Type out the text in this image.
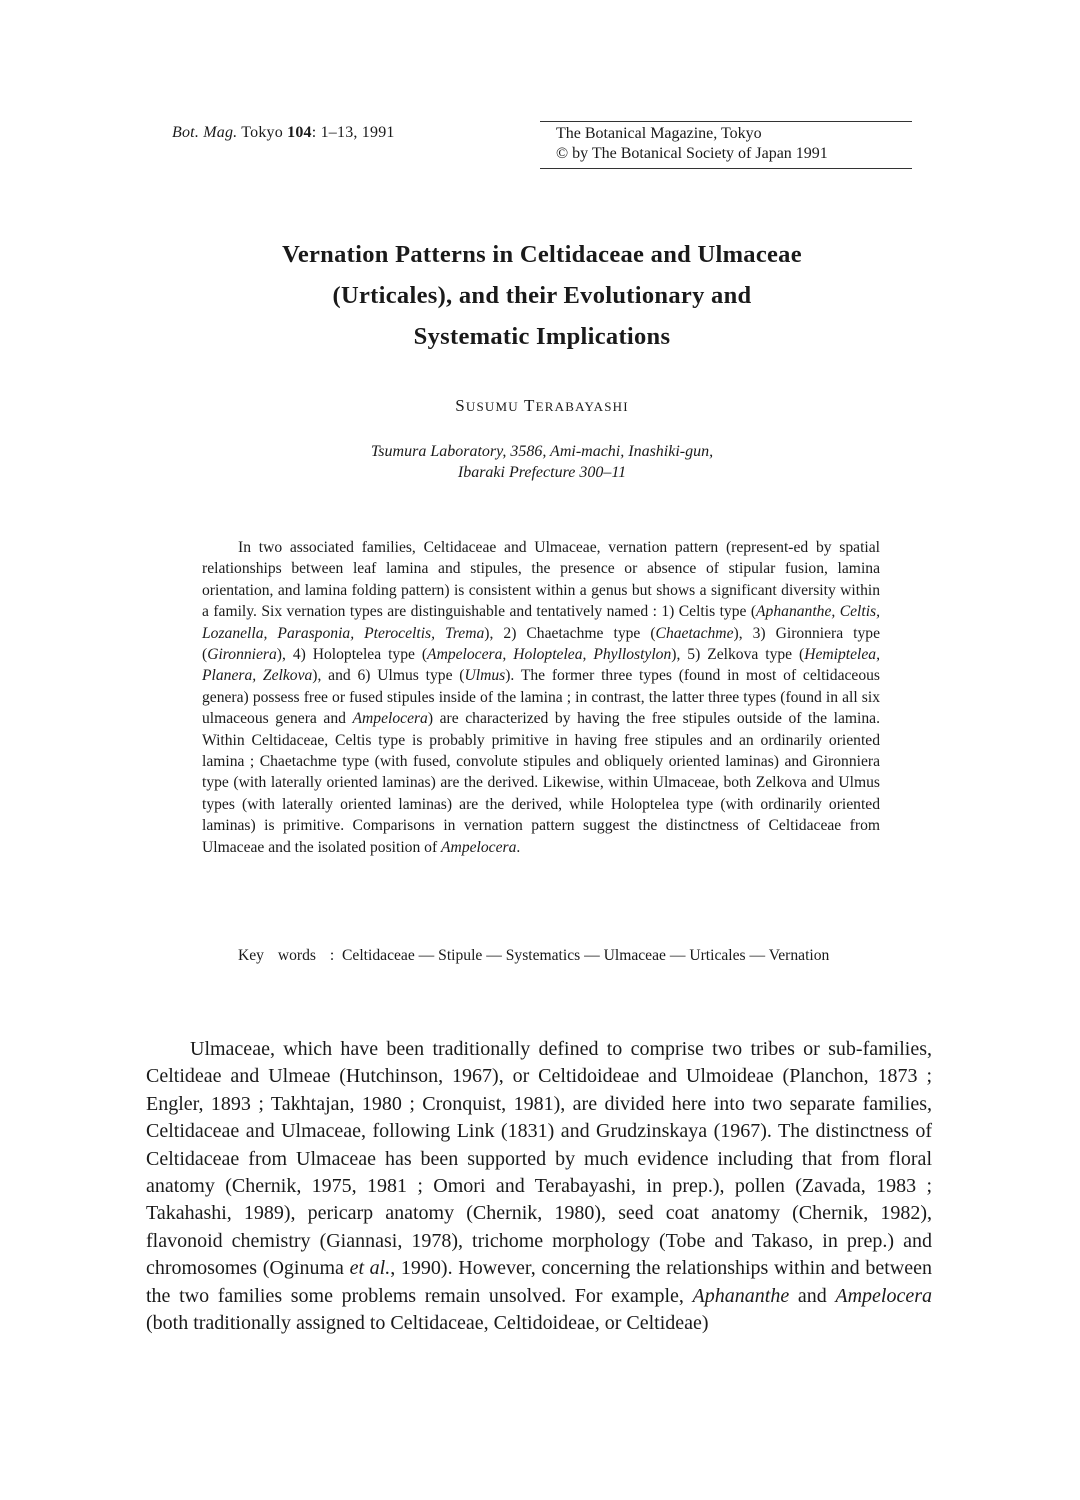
Bot. Mag. Tokyo 104: 1–13, 1991	The Botanical Magazine, Tokyo
© by The Botanical Society of Japan 1991
Vernation Patterns in Celtidaceae and Ulmaceae
(Urticales), and their Evolutionary and
Systematic Implications
SUSUMU TERABAYASHI
Tsumura Laboratory, 3586, Ami-machi, Inashiki-gun,
Ibaraki Prefecture 300–11

In two associated families, Celtidaceae and Ulmaceae, vernation pattern (represent-ed by spatial relationships between leaf lamina and stipules, the presence or absence of stipular fusion, lamina orientation, and lamina folding pattern) is consistent within a genus but shows a significant diversity within a family. Six vernation types are distinguishable and tentatively named : 1) Celtis type (Aphananthe, Celtis, Lozanella, Parasponia, Pteroceltis, Trema), 2) Chaetachme type (Chaetachme), 3) Gironniera type (Gironniera), 4) Holoptelea type (Ampelocera, Holoptelea, Phyllostylon), 5) Zelkova type (Hemiptelea, Planera, Zelkova), and 6) Ulmus type (Ulmus). The former three types (found in most of celtidaceous genera) possess free or fused stipules inside of the lamina ; in contrast, the latter three types (found in all six ulmaceous genera and Ampelocera) are characterized by having the free stipules outside of the lamina. Within Celtidaceae, Celtis type is probably primitive in having free stipules and an ordinarily oriented lamina ; Chaetachme type (with fused, convolute stipules and obliquely oriented laminas) and Gironniera type (with laterally oriented laminas) are the derived. Likewise, within Ulmaceae, both Zelkova and Ulmus types (with laterally oriented laminas) are the derived, while Holoptelea type (with ordinarily oriented laminas) is primitive. Comparisons in vernation pattern suggest the distinctness of Celtidaceae from Ulmaceae and the isolated position of Ampelocera.

Key words : Celtidaceae — Stipule — Systematics — Ulmaceae — Urticales — Vernation

Ulmaceae, which have been traditionally defined to comprise two tribes or sub-families, Celtideae and Ulmeae (Hutchinson, 1967), or Celtidoideae and Ulmoideae (Planchon, 1873 ; Engler, 1893 ; Takhtajan, 1980 ; Cronquist, 1981), are divided here into two separate families, Celtidaceae and Ulmaceae, following Link (1831) and Grudzinskaya (1967). The distinctness of Celtidaceae from Ulmaceae has been supported by much evidence including that from floral anatomy (Chernik, 1975, 1981 ; Omori and Terabayashi, in prep.), pollen (Zavada, 1983 ; Takahashi, 1989), pericarp anatomy (Chernik, 1980), seed coat anatomy (Chernik, 1982), flavonoid chemistry (Giannasi, 1978), trichome morphology (Tobe and Takaso, in prep.) and chromosomes (Oginuma et al., 1990). However, concerning the relationships within and between the two families some problems remain unsolved. For example, Aphananthe and Ampelocera (both traditionally assigned to Celtidaceae, Celtidoideae, or Celtideae)
